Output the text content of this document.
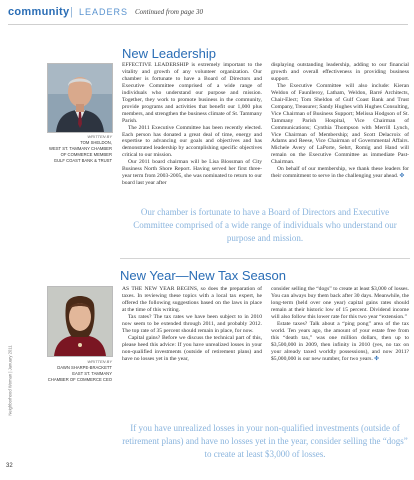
community | LEADERS Continued from page 30
New Leadership
WRITTEN BY
TOM SHELDON,
WEST ST. TAMMANY CHAMBER
OF COMMERCE MEMBER
GULF COAST BANK & TRUST

EFFECTIVE LEADERSHIP is extremely important to the vitality and growth of any volunteer organization. Our chamber is fortunate to have a Board of Directors and Executive Committee comprised of a wide range of individuals who understand our purpose and mission. Together, they work to promote business in the community, provide programs and activities that benefit our 1,000 plus members, and strengthen the business climate of St. Tammany Parish.

The 2011 Executive Committee has been recently elected. Each person has donated a great deal of time, energy and expertise to advancing our goals and objectives and has demonstrated leadership by accomplishing specific objectives critical to our mission.

Our 2011 board chairman will be Lisa Blossman of City Business North Shore Report. Having served her first three-year term from 2003-2005, she was nominated to return to our board last year after

displaying outstanding leadership, adding to our financial growth and overall effectiveness in providing business support.

The Executive Committee will also include: Kieran Weldon of Faunlleroy, Latham, Weldon, Barré Architects, Chair-Elect; Tom Sheldon of Gulf Coast Bank and Trust Company, Treasurer; Sandy Hughes with Hughes Consulting, Vice Chairman of Business Support; Melissa Hodgson of St. Tammany Parish Hospital, Vice Chairman of Communications; Cynthia Thompson with Merrill Lynch, Vice Chairman of Membership; and Scott Delacroix of Adams and Reese, Vice Chairman of Governmental Affairs. Michele Avery of LaPorte, Sehrt, Romig and Hand will remain on the Executive Committee as immediate Past-Chairman.

On behalf of our membership, we thank these leaders for their commitment to serve in the challenging year ahead. ✣

Our chamber is fortunate to have a Board of Directors and Executive Committee comprised of a wide range of individuals who understand our purpose and mission.
New Year—New Tax Season
WRITTEN BY
DAWN SHARPE-BRACKETT
EAST ST. TAMMANY
CHAMBER OF COMMERCE CEO

AS THE NEW YEAR BEGINS, so does the preparation of taxes. In reviewing these topics with a local tax expert, he offered the following suggestions based on the laws in place at the time of this writing.

Tax rates? The tax rates we have been subject to in 2010 now seem to be extended through 2011, and probably 2012. The top rate of 35 percent should remain in place, for now.

Capital gains? Before we discuss the technical part of this, please heed this advice: If you have unrealized losses in your non-qualified investments (outside of retirement plans) and have no losses yet in the year,

consider selling the “dogs” to create at least $3,000 of losses. You can always buy them back after 30 days. Meanwhile, the long-term (held over one year) capital gains rates should remain at their historic low of 15 percent. Dividend income will also follow this lower rate for this two year “extension.”

Estate taxes? Talk about a “ping pong” area of the tax world. Ten years ago, the amount of your estate free from this “death tax,” was one million dollars, then up to $3,500,000 in 2009, then infinity in 2010 (yes, no tax on your already taxed worldly possessions), and now 2011? $5,000,000 is our new number, for two years. ✣

If you have unrealized losses in your non-qualified investments (outside of retirement plans) and have no losses yet in the year, consider selling the “dogs” to create at least $3,000 of losses.
Neighborhood Woman | January 2011
32
